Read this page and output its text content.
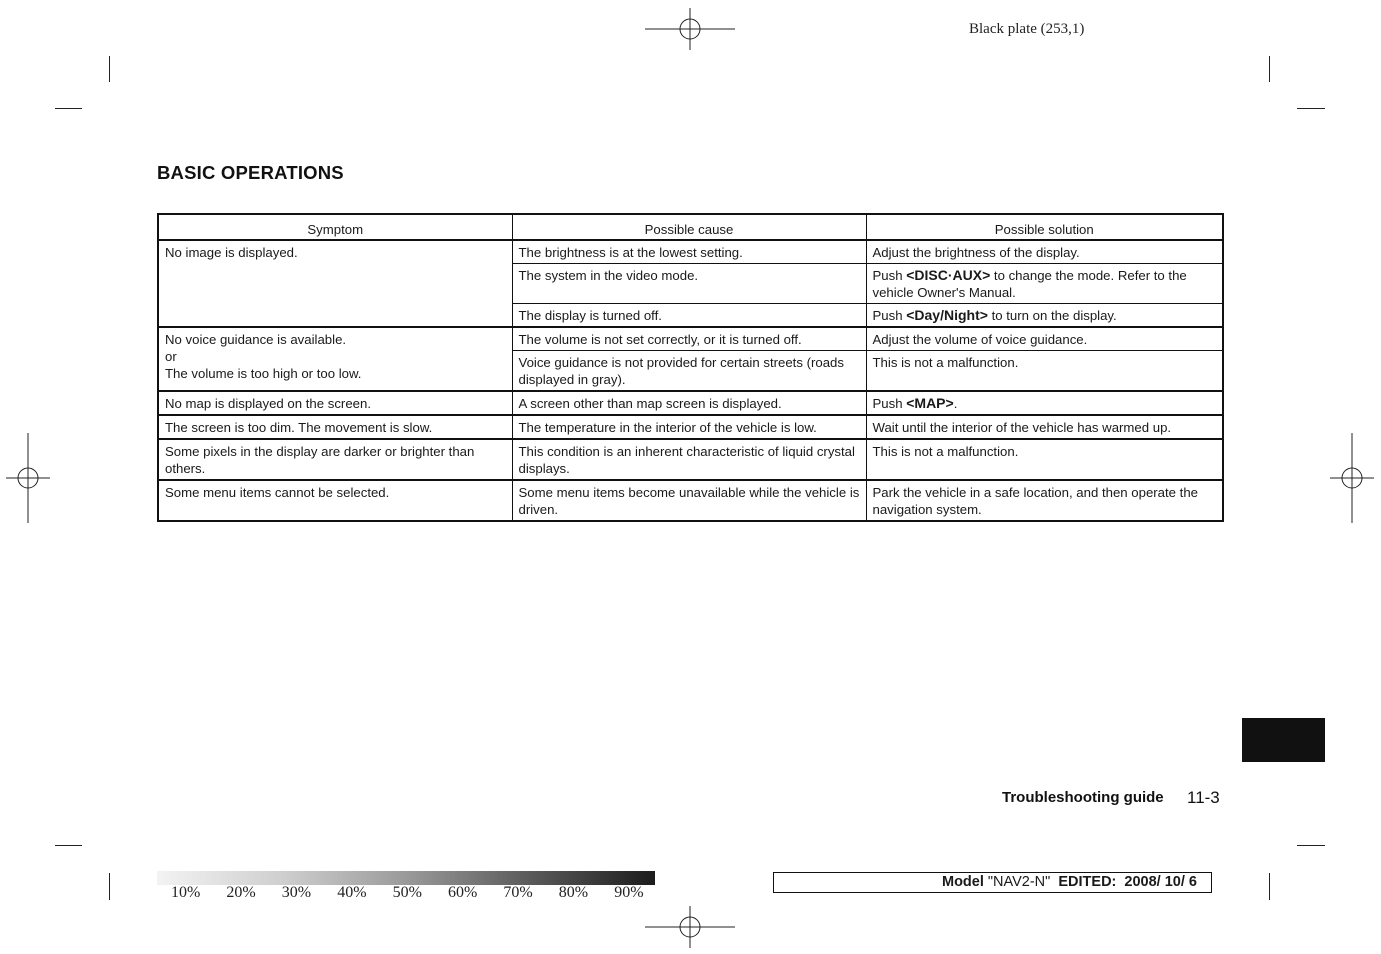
Black plate (253,1)
BASIC OPERATIONS
Symptom	Possible cause	Possible solution

No image is displayed.	The brightness is at the lowest setting.	Adjust the brightness of the display.
	The system in the video mode.	Push <DISC·AUX> to change the mode. Refer to the vehicle Owner's Manual.
	The display is turned off.	Push <Day/Night> to turn on the display.

No voice guidance is available.
or
The volume is too high or too low.	The volume is not set correctly, or it is turned off.	Adjust the volume of voice guidance.
	Voice guidance is not provided for certain streets (roads displayed in gray).	This is not a malfunction.

No map is displayed on the screen.	A screen other than map screen is displayed.	Push <MAP>.

The screen is too dim. The movement is slow.	The temperature in the interior of the vehicle is low.	Wait until the interior of the vehicle has warmed up.

Some pixels in the display are darker or brighter than others.	This condition is an inherent characteristic of liquid crystal displays.	This is not a malfunction.

Some menu items cannot be selected.	Some menu items become unavailable while the vehicle is driven.	Park the vehicle in a safe location, and then operate the navigation system.
Troubleshooting guide 11-3
10% 20% 30% 40% 50% 60% 70% 80% 90%
Model "NAV2-N"  EDITED:  2008/ 10/ 6
